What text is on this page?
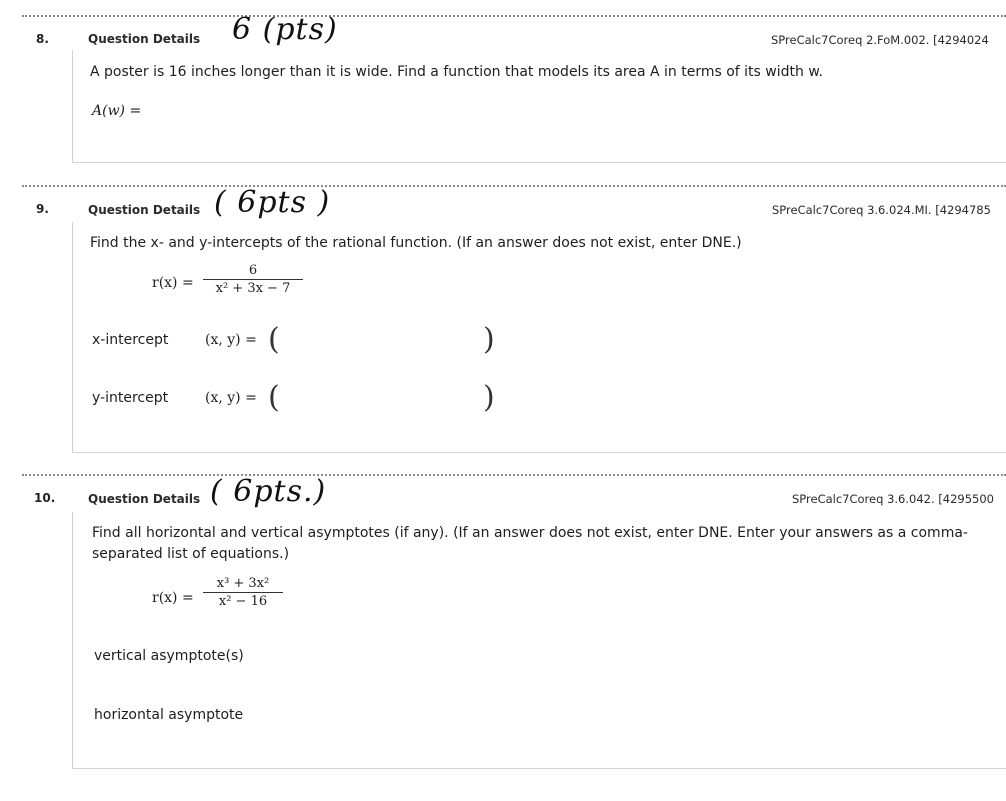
8.	Question Details 6 (pts)	SPreCalc7Coreq 2.FoM.002. [4294024
A poster is 16 inches longer than it is wide. Find a function that models its area A in terms of its width w.
A(w) =
9.	Question Details ( 6pts )	SPreCalc7Coreq 3.6.024.MI. [4294785
Find the x- and y-intercepts of the rational function. (If an answer does not exist, enter DNE.)
$r(x) = \frac{6}{\text{x² + 3x − 7}}$
x-intercept	(x, y) = (	)
y-intercept	(x, y) = (	)
10.	Question Details ( 6pts.)	SPreCalc7Coreq 3.6.042. [4295500
Find all horizontal and vertical asymptotes (if any). (If an answer does not exist, enter DNE. Enter your answers as a comma-separated list of equations.)
$r(x) = \frac{\text{x³ + 3x²}}{\text{x² − 16}}$
vertical asymptote(s)
horizontal asymptote
